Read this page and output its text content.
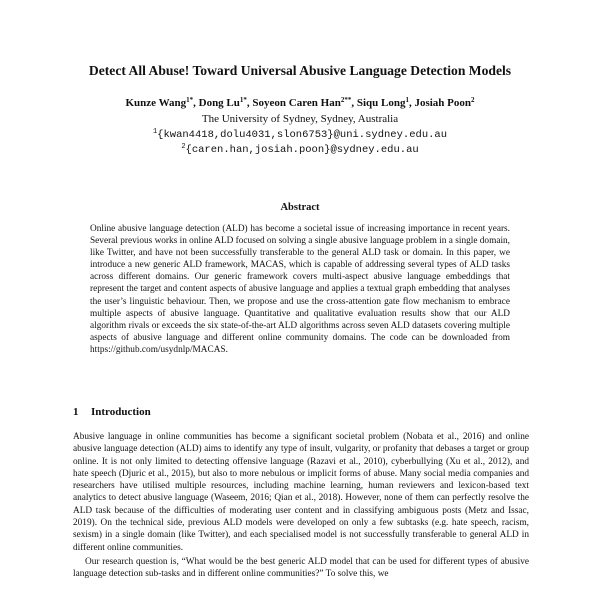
Detect All Abuse! Toward Universal Abusive Language Detection Models
Kunze Wang$^{1*}$, Dong $Lu^{1*}$, Soyeon Caren Han$^{2**}$, Siqu Long$^1$, Josiah Poon$^2$
The University of Sydney, Sydney, Australia
$^1${kwan4418,dolu4031,slon6753}@uni.sydney.edu.au
$^2${caren.han,josiah.poon}@sydney.edu.au
Abstract
Online abusive language detection (ALD) has become a societal issue of increasing importance in recent years. Several previous works in online ALD focused on solving a single abusive language problem in a single domain, like Twitter, and have not been successfully transferable to the general ALD task or domain. In this paper, we introduce a new generic ALD framework, MACAS, which is capable of addressing several types of ALD tasks across different domains. Our generic framework covers multi-aspect abusive language embeddings that represent the target and content aspects of abusive language and applies a textual graph embedding that analyses the user’s linguistic behaviour. Then, we propose and use the cross-attention gate flow mechanism to embrace multiple aspects of abusive language. Quantitative and qualitative evaluation results show that our ALD algorithm rivals or exceeds the six state-of-the-art ALD algorithms across seven ALD datasets covering multiple aspects of abusive language and different online community domains. The code can be downloaded from https://github.com/usydnlp/MACAS.
1 Introduction

Abusive language in online communities has become a significant societal problem (Nobata et al., 2016) and online abusive language detection (ALD) aims to identify any type of insult, vulgarity, or profanity that debases a target or group online. It is not only limited to detecting offensive language (Razavi et al., 2010), cyberbullying (Xu et al., 2012), and hate speech (Djuric et al., 2015), but also to more nebulous or implicit forms of abuse. Many social media companies and researchers have utilised multiple resources, including machine learning, human reviewers and lexicon-based text analytics to detect abusive language (Waseem, 2016; Qian et al., 2018). However, none of them can perfectly resolve the ALD task because of the difficulties of moderating user content and in classifying ambiguous posts (Metz and Issac, 2019). On the technical side, previous ALD models were developed on only a few subtasks (e.g. hate speech, racism, sexism) in a single domain (like Twitter), and each specialised model is not successfully transferable to general ALD in different online communities.

Our research question is, “What would be the best generic ALD model that can be used for different types of abusive language detection sub-tasks and in different online communities?” To solve this, we
